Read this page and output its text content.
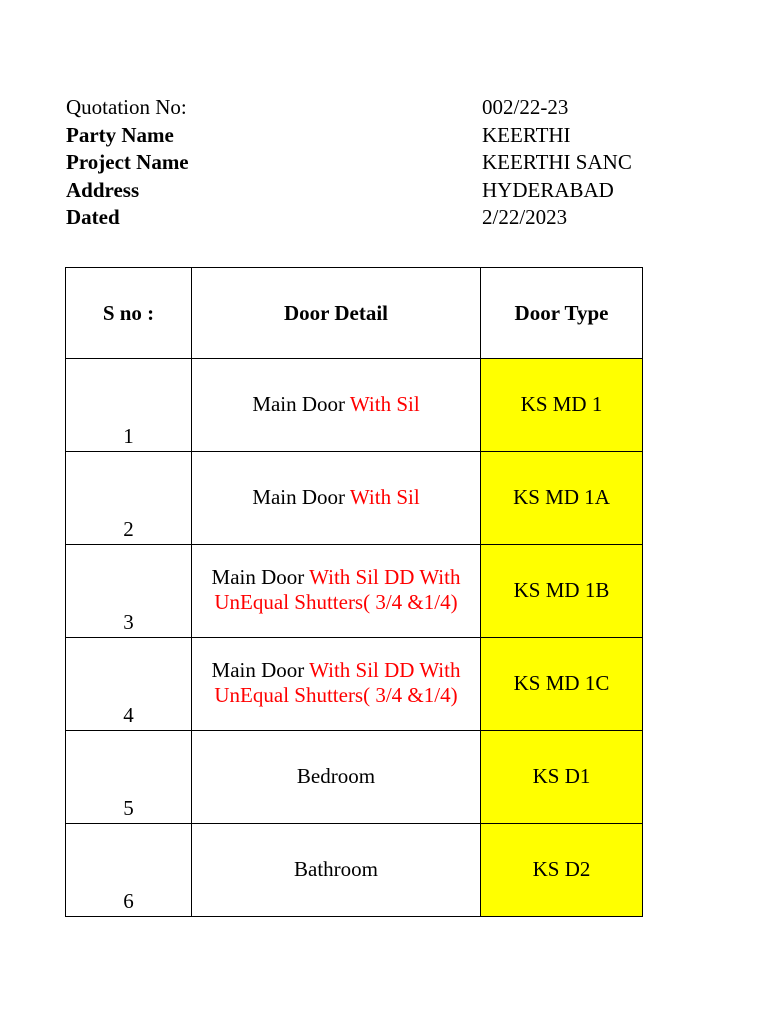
Quotation No:	002/22-23
Party Name	KEERTHI
Project Name	KEERTHI SANC
Address	HYDERABAD
Dated	2/22/2023
S no :	Door Detail	Door Type
1	Main Door With Sil	KS MD 1

2	Main Door With Sil	KS MD 1A

3	Main Door With Sil DD With UnEqual Shutters( 3/4 &1/4)	KS MD 1B

4	Main Door With Sil DD With UnEqual Shutters( 3/4 &1/4)	KS MD 1C

5	Bedroom	KS D1

6	Bathroom	KS D2
